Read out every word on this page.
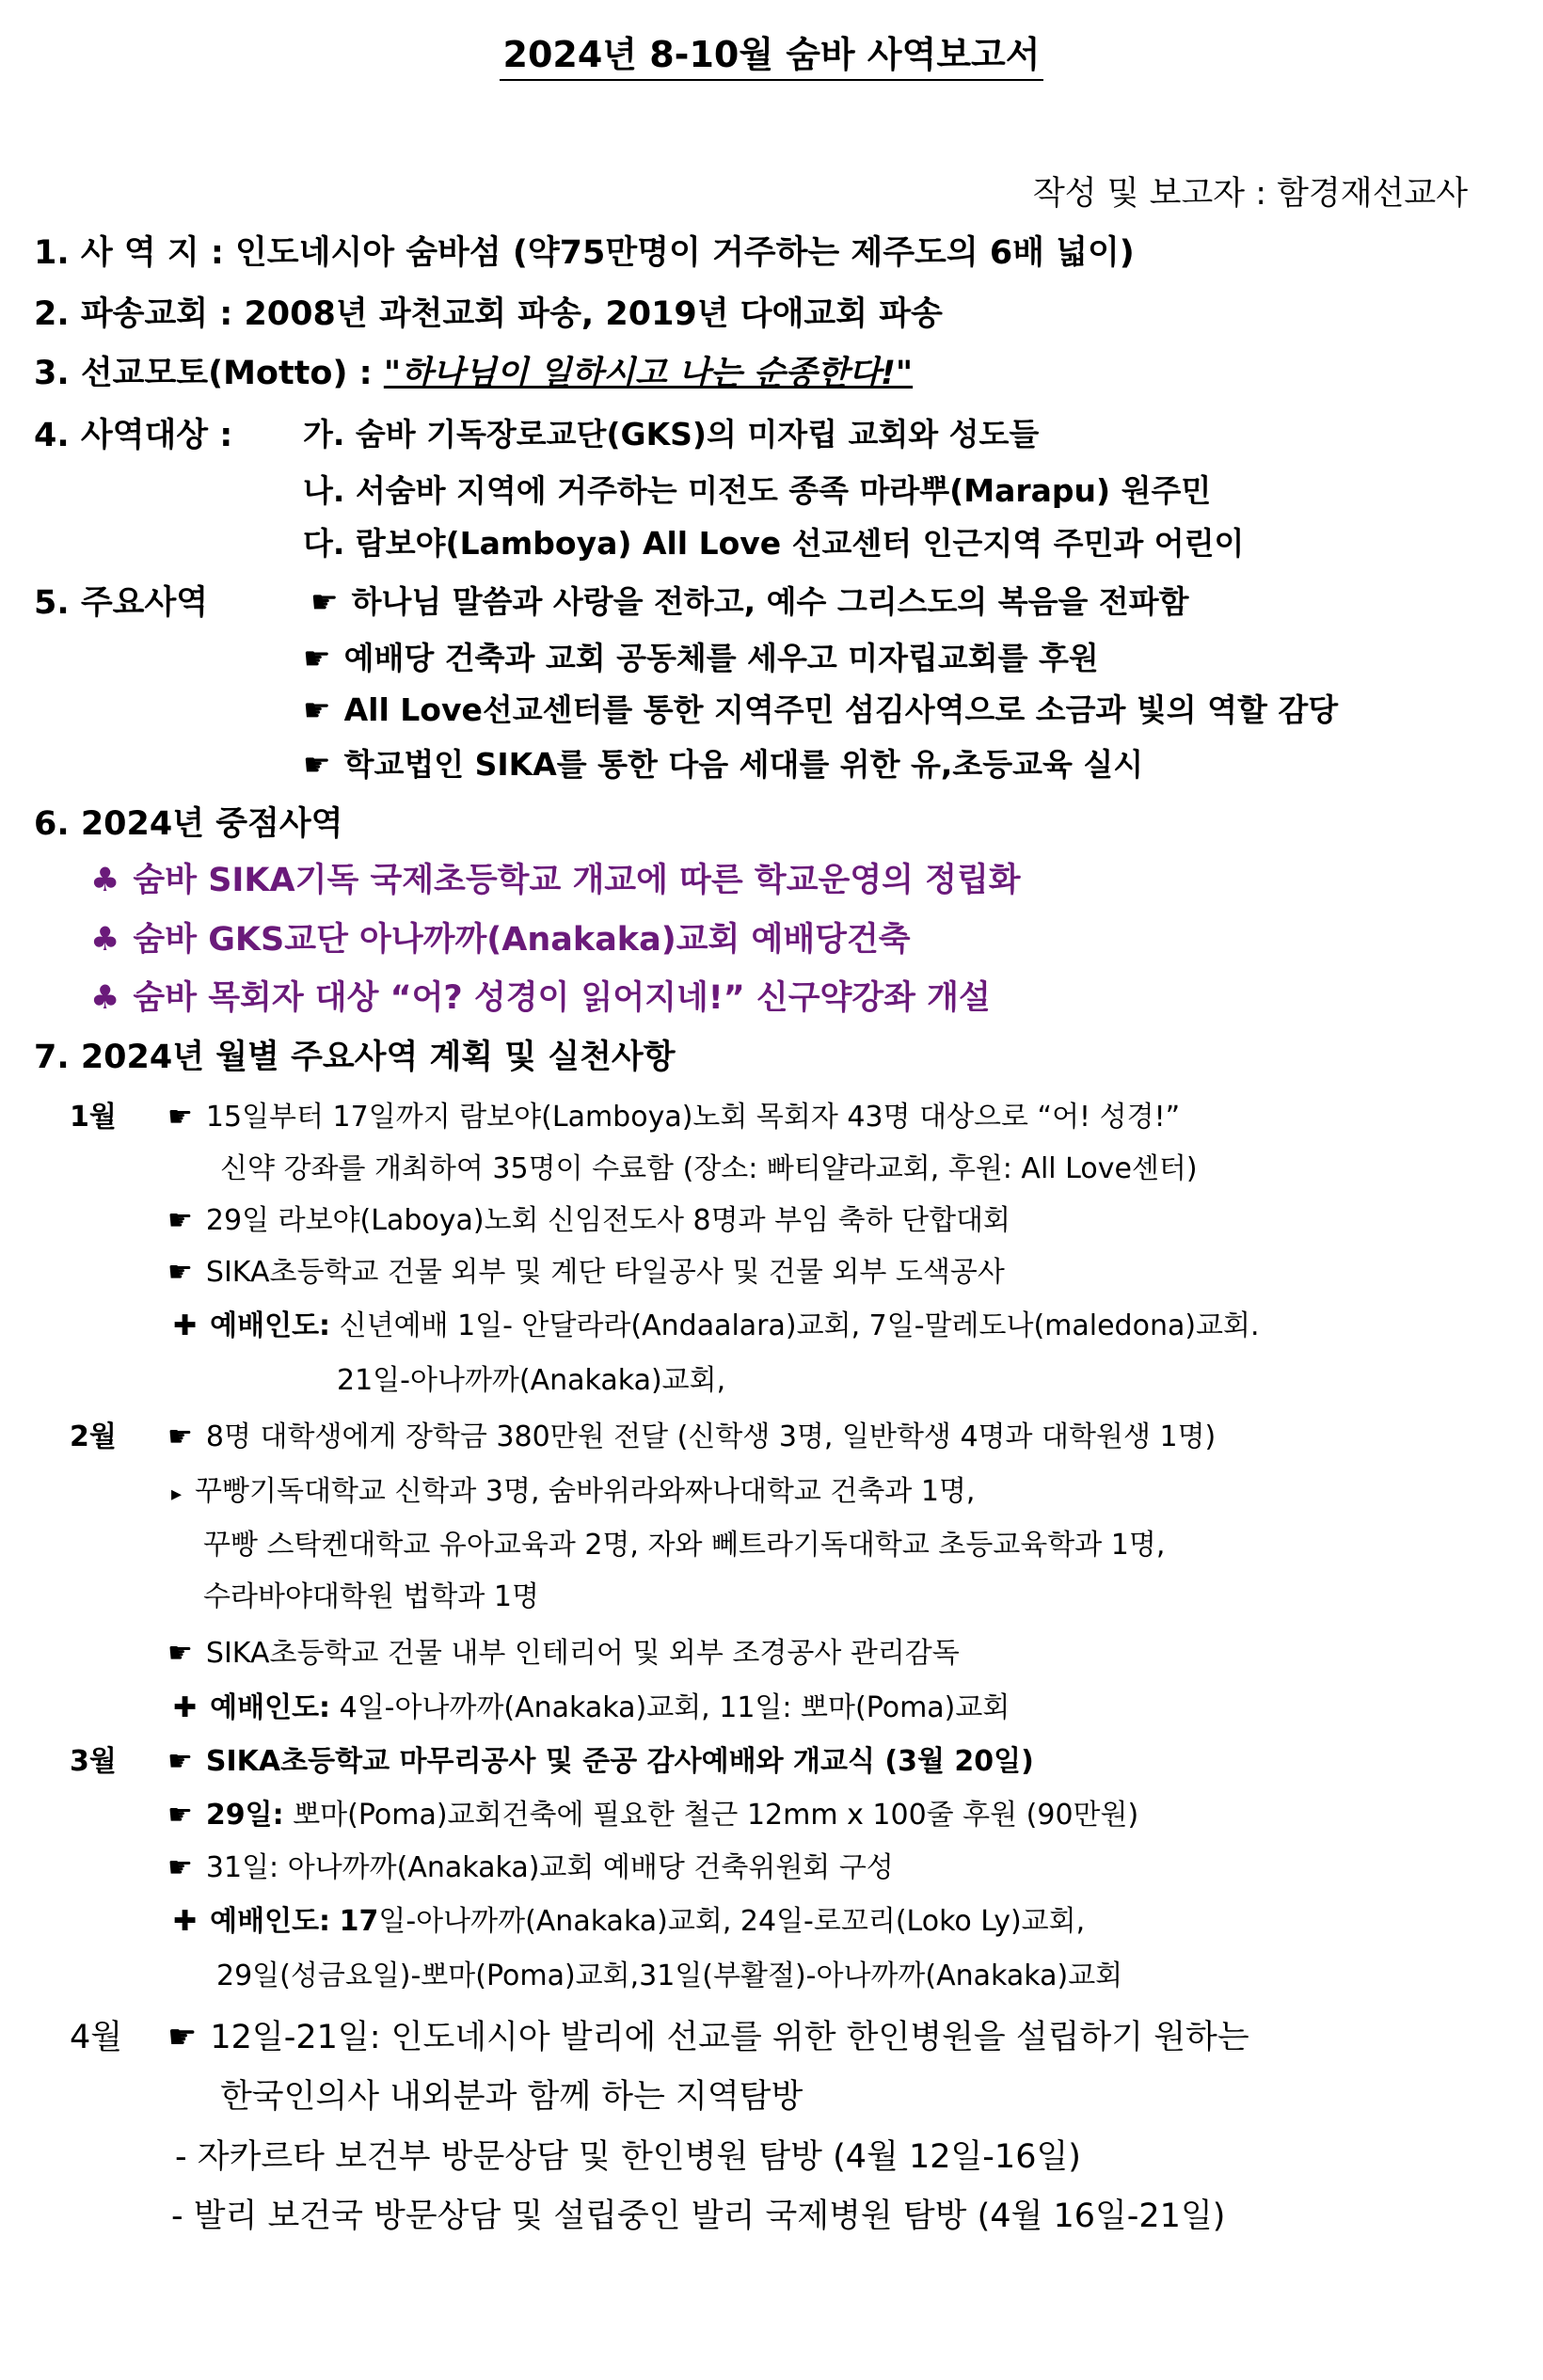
2024년 8-10월 숨바 사역보고서
작성 및 보고자 : 함경재선교사
1. 사 역 지 : 인도네시아 숨바섬 (약75만명이 거주하는 제주도의 6배 넓이)
2. 파송교회 : 2008년 과천교회 파송, 2019년 다애교회 파송
3. 선교모토(Motto) : "하나님이 일하시고 나는 순종한다!"
4. 사역대상 : 가. 숨바 기독장로교단(GKS)의 미자립 교회와 성도들
나. 서숨바 지역에 거주하는 미전도 종족 마라뿌(Marapu) 원주민
다. 람보야(Lamboya) All Love 선교센터 인근지역 주민과 어린이
5. 주요사역	☛ 하나님 말씀과 사랑을 전하고, 예수 그리스도의 복음을 전파함
☛ 예배당 건축과 교회 공동체를 세우고 미자립교회를 후원
☛ All Love선교센터를 통한 지역주민 섬김사역으로 소금과 빛의 역할 감당
☛ 학교법인 SIKA를 통한 다음 세대를 위한 유,초등교육 실시
6. 2024년 중점사역
♣ 숨바 SIKA기독 국제초등학교 개교에 따른 학교운영의 정립화
♣ 숨바 GKS교단 아나까까(Anakaka)교회 예배당건축
♣ 숨바 목회자 대상 “어? 성경이 읽어지네!” 신구약강좌 개설
7. 2024년 월별 주요사역 계획 및 실천사항
1월 ☛ 15일부터 17일까지 람보야(Lamboya)노회 목회자 43명 대상으로 “어! 성경!”
신약 강좌를 개최하여 35명이 수료함 (장소: 빠티얄라교회, 후원: All Love센터)
☛ 29일 라보야(Laboya)노회 신임전도사 8명과 부임 축하 단합대회
☛ SIKA초등학교 건물 외부 및 계단 타일공사 및 건물 외부 도색공사
✚ 예배인도: 신년예배 1일- 안달라라(Andaalara)교회, 7일-말레도나(maledona)교회.
21일-아나까까(Anakaka)교회,
2월 ☛ 8명 대학생에게 장학금 380만원 전달 (신학생 3명, 일반학생 4명과 대학원생 1명)
▸ 꾸빵기독대학교 신학과 3명, 숨바위라와짜나대학교 건축과 1명,
꾸빵 스탁켄대학교 유아교육과 2명, 자와 뻬트라기독대학교 초등교육학과 1명,
수라바야대학원 법학과 1명
☛ SIKA초등학교 건물 내부 인테리어 및 외부 조경공사 관리감독
✚ 예배인도: 4일-아나까까(Anakaka)교회, 11일: 뽀마(Poma)교회
3월 ☛ SIKA초등학교 마무리공사 및 준공 감사예배와 개교식 (3월 20일)
☛ 29일: 뽀마(Poma)교회건축에 필요한 철근 12mm x 100줄 후원 (90만원)
☛ 31일: 아나까까(Anakaka)교회 예배당 건축위원회 구성
✚ 예배인도: 17일-아나까까(Anakaka)교회, 24일-로꼬리(Loko Ly)교회,
29일(성금요일)-뽀마(Poma)교회,31일(부활절)-아나까까(Anakaka)교회
4월 ☛ 12일-21일: 인도네시아 발리에 선교를 위한 한인병원을 설립하기 원하는
한국인의사 내외분과 함께 하는 지역탐방
- 자카르타 보건부 방문상담 및 한인병원 탐방 (4월 12일-16일)
- 발리 보건국 방문상담 및 설립중인 발리 국제병원 탐방 (4월 16일-21일)
